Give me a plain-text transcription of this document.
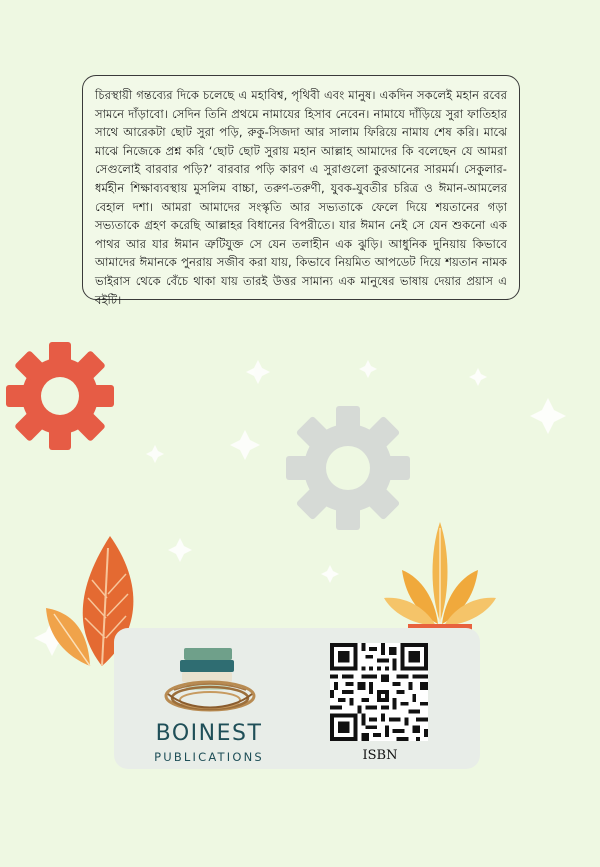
চিরস্থায়ী গন্তব্যের দিকে চলেছে এ মহাবিশ্ব, পৃথিবী এবং মানুষ। একদিন সকলেই মহান রবের সামনে দাঁড়াবো। সেদিন তিনি প্রথমে নামাযের হিসাব নেবেন। নামাযে দাঁড়িয়ে সুরা ফাতিহার সাথে আরেকটা ছোট সুরা পড়ি, রুকু-সিজদা আর সালাম ফিরিয়ে নামায শেষ করি। মাঝে মাঝে নিজেকে প্রশ্ন করি ‘ছোট ছোট সুরায় মহান আল্লাহ আমাদের কি বলেছেন যে আমরা সেগুলোই বারবার পড়ি?’ বারবার পড়ি কারণ এ সুরাগুলো কুরআনের সারমর্ম। সেকুলার-ধর্মহীন শিক্ষাব্যবস্থায় মুসলিম বাচ্চা, তরুণ-তরুণী, যুবক-যুবতীর চরিত্র ও ঈমান-আমলের বেহাল দশা। আমরা আমাদের সংস্কৃতি আর সভ্যতাকে ফেলে দিয়ে শয়তানের গড়া সভ্যতাকে গ্রহণ করেছি আল্লাহর বিধানের বিপরীতে। যার ঈমান নেই সে যেন শুকনো এক পাথর আর যার ঈমান ত্রুটিযুক্ত সে যেন তলাহীন এক ঝুড়ি। আধুনিক দুনিয়ায় কিভাবে আমাদের ঈমানকে পুনরায় সজীব করা যায়, কিভাবে নিয়মিত আপডেট দিয়ে শয়তান নামক ভাইরাস থেকে বেঁচে থাকা যায় তারই উত্তর সামান্য এক মানুষের ভাষায় দেয়ার প্রয়াস এ বইটি।

BOINEST
PUBLICATIONS	ISBN
